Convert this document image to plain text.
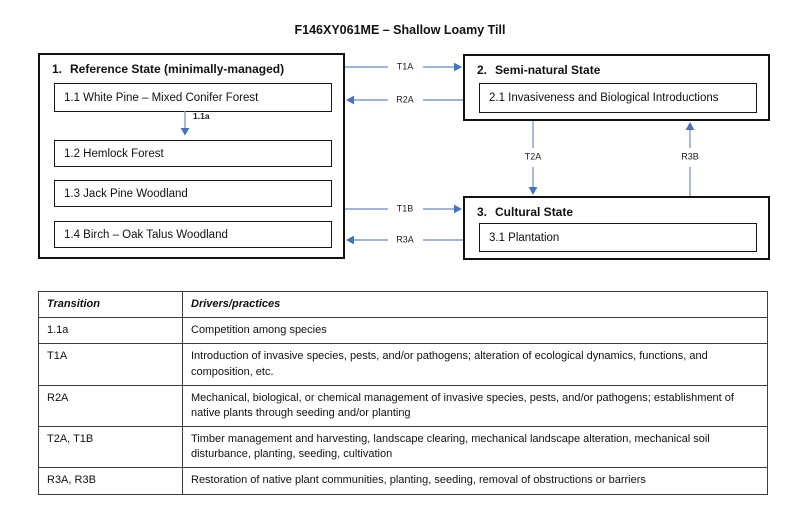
F146XY061ME – Shallow Loamy Till
1. Reference State (minimally-managed)
1.1 White Pine – Mixed Conifer Forest
1.2 Hemlock Forest
1.3 Jack Pine Woodland
1.4 Birch – Oak Talus Woodland
2. Semi-natural State
2.1 Invasiveness and Biological Introductions
3. Cultural State
3.1 Plantation
1.1a
T1A
R2A
T2A	R3B
T1B
R3A
Transition	Drivers/practices
1.1a	Competition among species
T1A	Introduction of invasive species, pests, and/or pathogens; alteration of ecological dynamics, functions, and composition, etc.
R2A	Mechanical, biological, or chemical management of invasive species, pests, and/or pathogens; establishment of native plants through seeding and/or planting
T2A, T1B	Timber management and harvesting, landscape clearing, mechanical landscape alteration, mechanical soil disturbance, planting, seeding, cultivation
R3A, R3B	Restoration of native plant communities, planting, seeding, removal of obstructions or barriers
